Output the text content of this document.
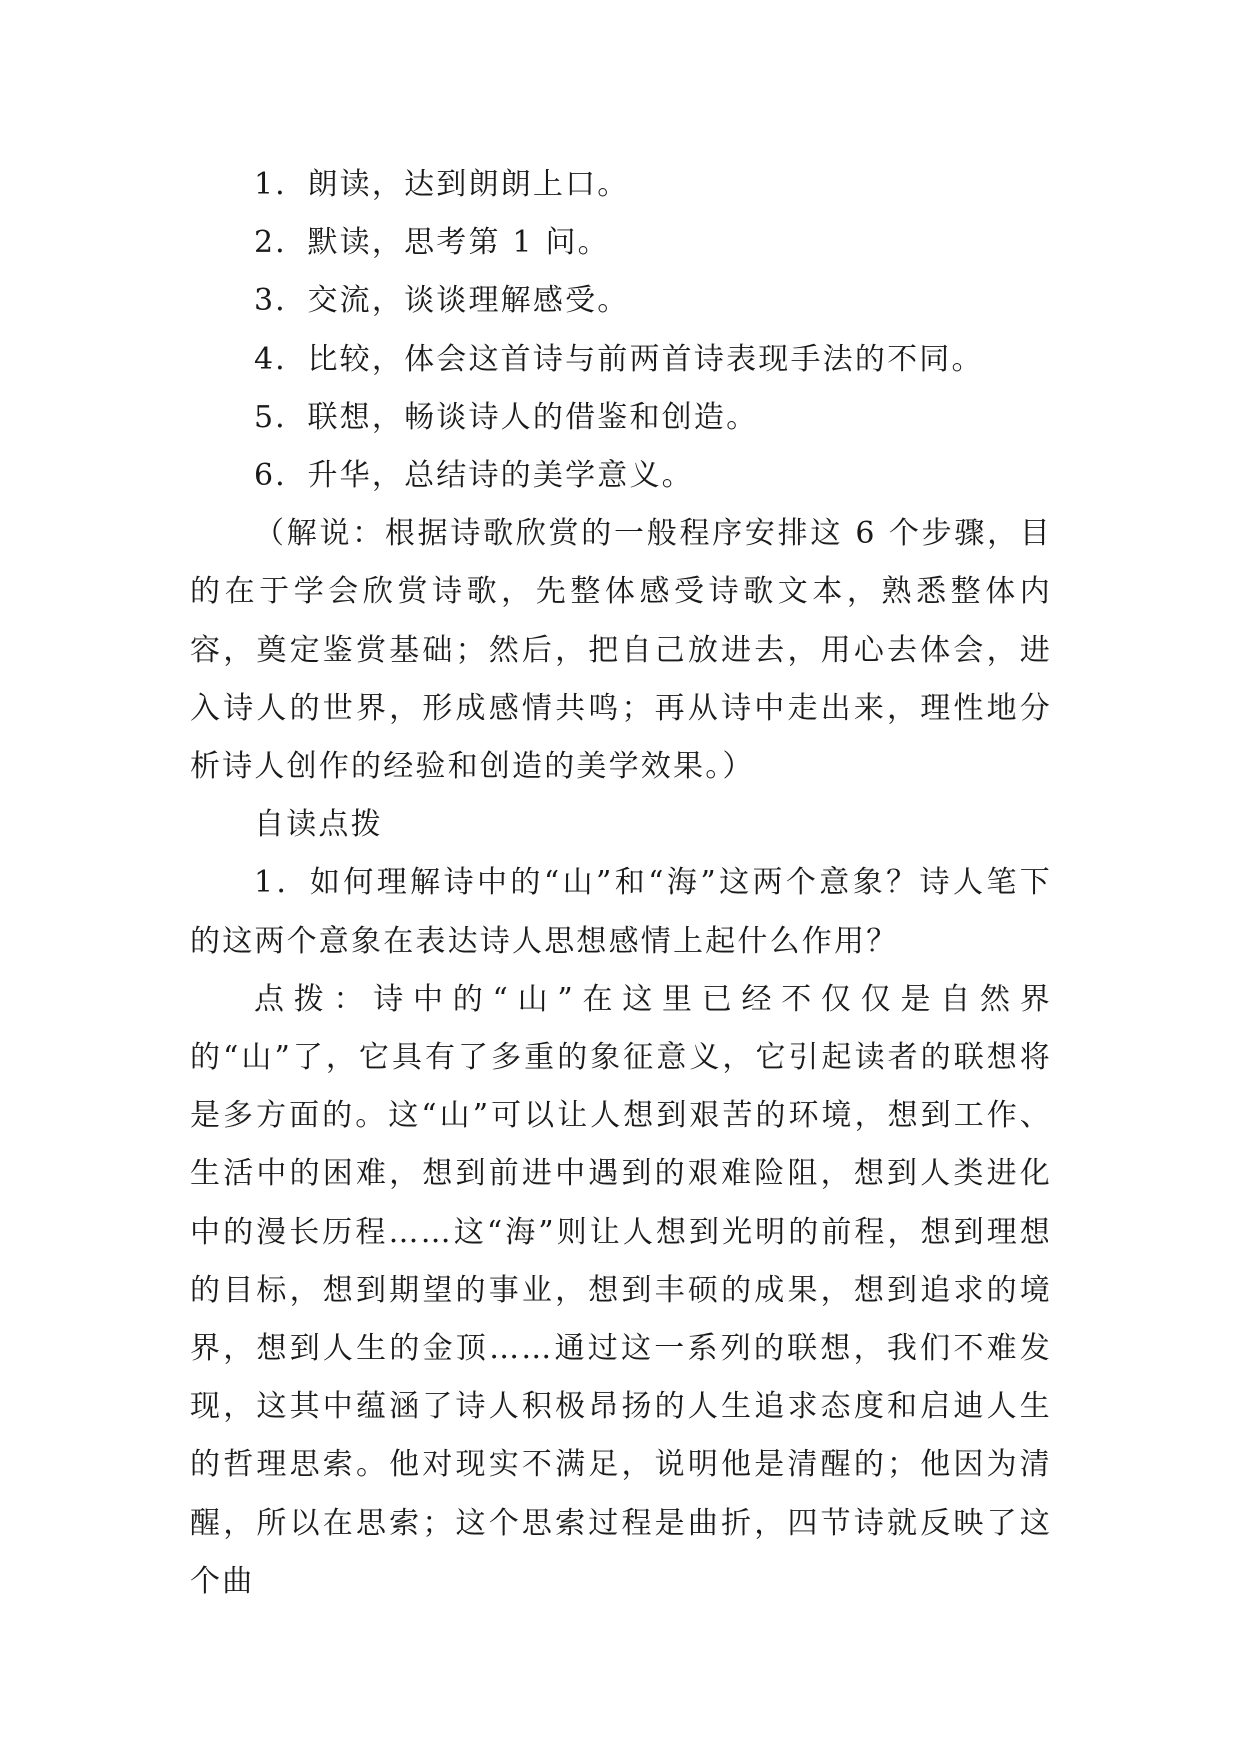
1．朗读，达到朗朗上口。

2．默读，思考第 1 问。

3．交流，谈谈理解感受。

4．比较，体会这首诗与前两首诗表现手法的不同。

5．联想，畅谈诗人的借鉴和创造。

6．升华，总结诗的美学意义。

（解说：根据诗歌欣赏的一般程序安排这 6 个步骤，目的在于学会欣赏诗歌，先整体感受诗歌文本，熟悉整体内容，奠定鉴赏基础；然后，把自己放进去，用心去体会，进入诗人的世界，形成感情共鸣；再从诗中走出来，理性地分析诗人创作的经验和创造的美学效果。）

自读点拨

1．如何理解诗中的“山”和“海”这两个意象？诗人笔下的这两个意象在表达诗人思想感情上起什么作用？

点拨：诗中的“山”在这里已经不仅仅是自然界的“山”了，它具有了多重的象征意义，它引起读者的联想将是多方面的。这“山”可以让人想到艰苦的环境，想到工作、生活中的困难，想到前进中遇到的艰难险阻，想到人类进化中的漫长历程……这“海”则让人想到光明的前程，想到理想的目标，想到期望的事业，想到丰硕的成果，想到追求的境界，想到人生的金顶……通过这一系列的联想，我们不难发现，这其中蕴涵了诗人积极昂扬的人生追求态度和启迪人生的哲理思索。他对现实不满足，说明他是清醒的；他因为清醒，所以在思索；这个思索过程是曲折，四节诗就反映了这个曲
